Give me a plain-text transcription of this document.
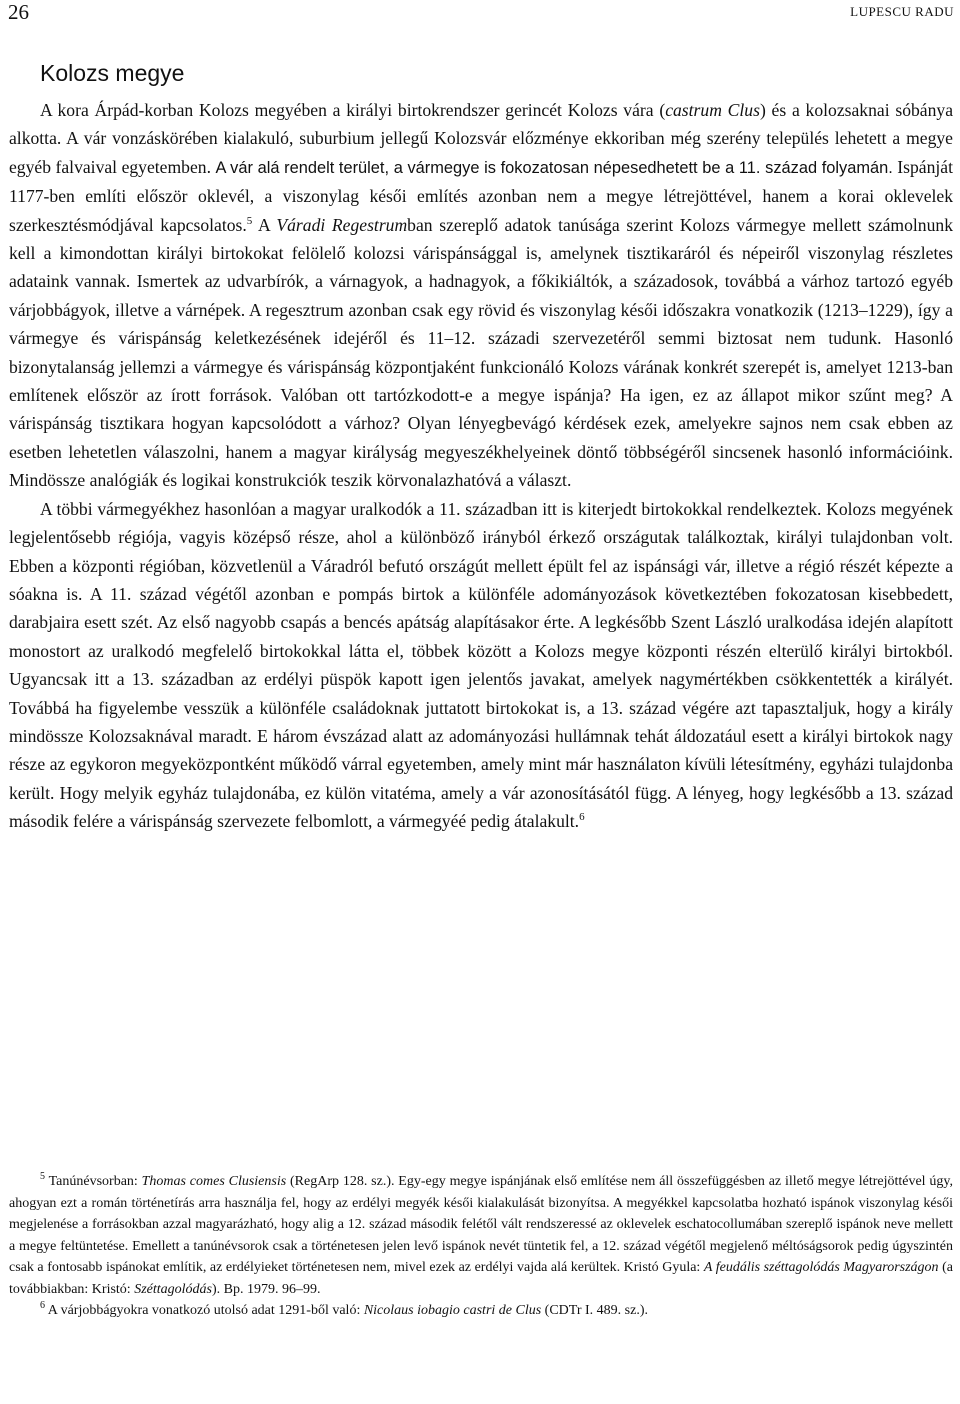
26	LUPESCU RADU
Kolozs megye

A kora Árpád-korban Kolozs megyében a királyi birtokrendszer gerincét Kolozs vára (castrum Clus) és a kolozsaknai sóbánya alkotta. A vár vonzáskörében kialakuló, suburbium jellegű Kolozsvár előzménye ekkoriban még szerény település lehetett a megye egyéb falvaival egyetemben. A vár alá rendelt terület, a vármegye is fokozatosan népesedhetett be a 11. század folyamán. Ispánját 1177-ben említi először oklevél, a viszonylag késői említés azonban nem a megye létrejöttével, hanem a korai oklevelek szerkesztésmódjával kapcsolatos.$^5$ A Váradi Regestrumban szereplő adatok tanúsága szerint Kolozs vármegye mellett számolnunk kell a kimondottan királyi birtokokat felölelő kolozsi várispánsággal is, amelynek tisztikaráról és népeiről viszonylag részletes adataink vannak. Ismertek az udvarbírók, a várnagyok, a hadnagyok, a főkikiáltók, a századosok, továbbá a várhoz tartozó egyéb várjobbágyok, illetve a várnépek. A regesztrum azonban csak egy rövid és viszonylag késői időszakra vonatkozik (1213–1229), így a vármegye és várispánság keletkezésének idejéről és 11–12. századi szervezetéről semmi biztosat nem tudunk. Hasonló bizonytalanság jellemzi a vármegye és várispánság központjaként funkcionáló Kolozs várának konkrét szerepét is, amelyet 1213-ban említenek először az írott források. Valóban ott tartózkodott-e a megye ispánja? Ha igen, ez az állapot mikor szűnt meg? A várispánság tisztikara hogyan kapcsolódott a várhoz? Olyan lényegbevágó kérdések ezek, amelyekre sajnos nem csak ebben az esetben lehetetlen válaszolni, hanem a magyar királyság megyeszékhelyeinek döntő többségéről sincsenek hasonló információink. Mindössze analógiák és logikai konstrukciók teszik körvonalazhatóvá a választ.

A többi vármegyékhez hasonlóan a magyar uralkodók a 11. században itt is kiterjedt birtokokkal rendelkeztek. Kolozs megyének legjelentősebb régiója, vagyis középső része, ahol a különböző irányból érkező országutak találkoztak, királyi tulajdonban volt. Ebben a központi régióban, közvetlenül a Váradról befutó országút mellett épült fel az ispánsági vár, illetve a régió részét képezte a sóakna is. A 11. század végétől azonban e pompás birtok a különféle adományozások következtében fokozatosan kisebbedett, darabjaira esett szét. Az első nagyobb csapás a bencés apátság alapításakor érte. A legkésőbb Szent László uralkodása idején alapított monostort az uralkodó megfelelő birtokokkal látta el, többek között a Kolozs megye központi részén elterülő királyi birtokból. Ugyancsak itt a 13. században az erdélyi püspök kapott igen jelentős javakat, amelyek nagymértékben csökkentették a királyét. Továbbá ha figyelembe vesszük a különféle családoknak juttatott birtokokat is, a 13. század végére azt tapasztaljuk, hogy a király mindössze Kolozsaknával maradt. E három évszázad alatt az adományozási hullámnak tehát áldozatául esett a királyi birtokok nagy része az egykoron megyeközpontként működő várral egyetemben, amely mint már használaton kívüli létesítmény, egyházi tulajdonba került. Hogy melyik egyház tulajdonába, ez külön vitatéma, amely a vár azonosításától függ. A lényeg, hogy legkésőbb a 13. század második felére a várispánság szervezete felbomlott, a vármegyéé pedig átalakult.$^6$

$^5$ Tanúnévsorban: Thomas comes Clusiensis (RegArp 128. sz.). Egy-egy megye ispánjának első említése nem áll összefüggésben az illető megye létrejöttével úgy, ahogyan ezt a román történetírás arra használja fel, hogy az erdélyi megyék késői kialakulását bizonyítsa. A megyékkel kapcsolatba hozható ispánok viszonylag késői megjelenése a forrásokban azzal magyarázható, hogy alig a 12. század második felétől vált rendszeressé az oklevelek eschatocollumában szereplő ispánok neve mellett a megye feltüntetése. Emellett a tanúnévsorok csak a történetesen jelen levő ispánok nevét tüntetik fel, a 12. század végétől megjelenő méltóságsorok pedig úgyszintén csak a fontosabb ispánokat említik, az erdélyieket történetesen nem, mivel ezek az erdélyi vajda alá kerültek. Kristó Gyula: A feudális széttagolódás Magyarországon (a továbbiakban: Kristó: Széttagolódás). Bp. 1979. 96–99.

$^6$ A várjobbágyokra vonatkozó utolsó adat 1291-ből való: Nicolaus iobagio castri de Clus (CDTr I. 489. sz.).
